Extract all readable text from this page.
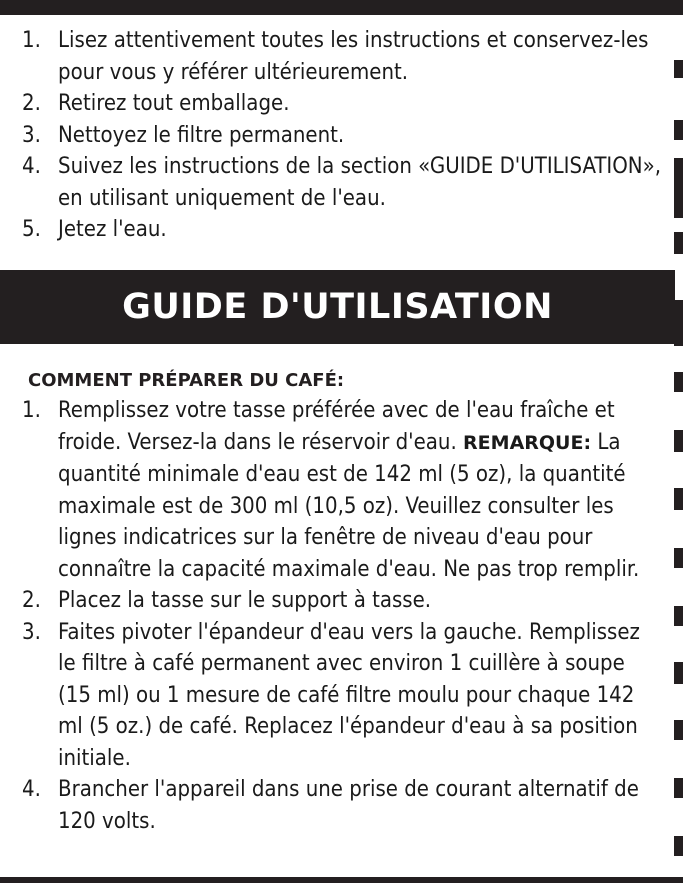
1. Lisez attentivement toutes les instructions et conservez-les pour vous y référer ultérieurement.
2. Retirez tout emballage.
3. Nettoyez le filtre permanent.
4. Suivez les instructions de la section «GUIDE D'UTILISATION», en utilisant uniquement de l'eau.
5. Jetez l'eau.
GUIDE D'UTILISATION
COMMENT PRÉPARER DU CAFÉ:
1. Remplissez votre tasse préférée avec de l'eau fraîche et froide. Versez-la dans le réservoir d'eau. REMARQUE: La quantité minimale d'eau est de 142 ml (5 oz), la quantité maximale est de 300 ml (10,5 oz). Veuillez consulter les lignes indicatrices sur la fenêtre de niveau d'eau pour connaître la capacité maximale d'eau. Ne pas trop remplir.
2. Placez la tasse sur le support à tasse.
3. Faites pivoter l'épandeur d'eau vers la gauche. Remplissez le filtre à café permanent avec environ 1 cuillère à soupe (15 ml) ou 1 mesure de café filtre moulu pour chaque 142 ml (5 oz.) de café. Replacez l'épandeur d'eau à sa position initiale.
4. Brancher l'appareil dans une prise de courant alternatif de 120 volts.
